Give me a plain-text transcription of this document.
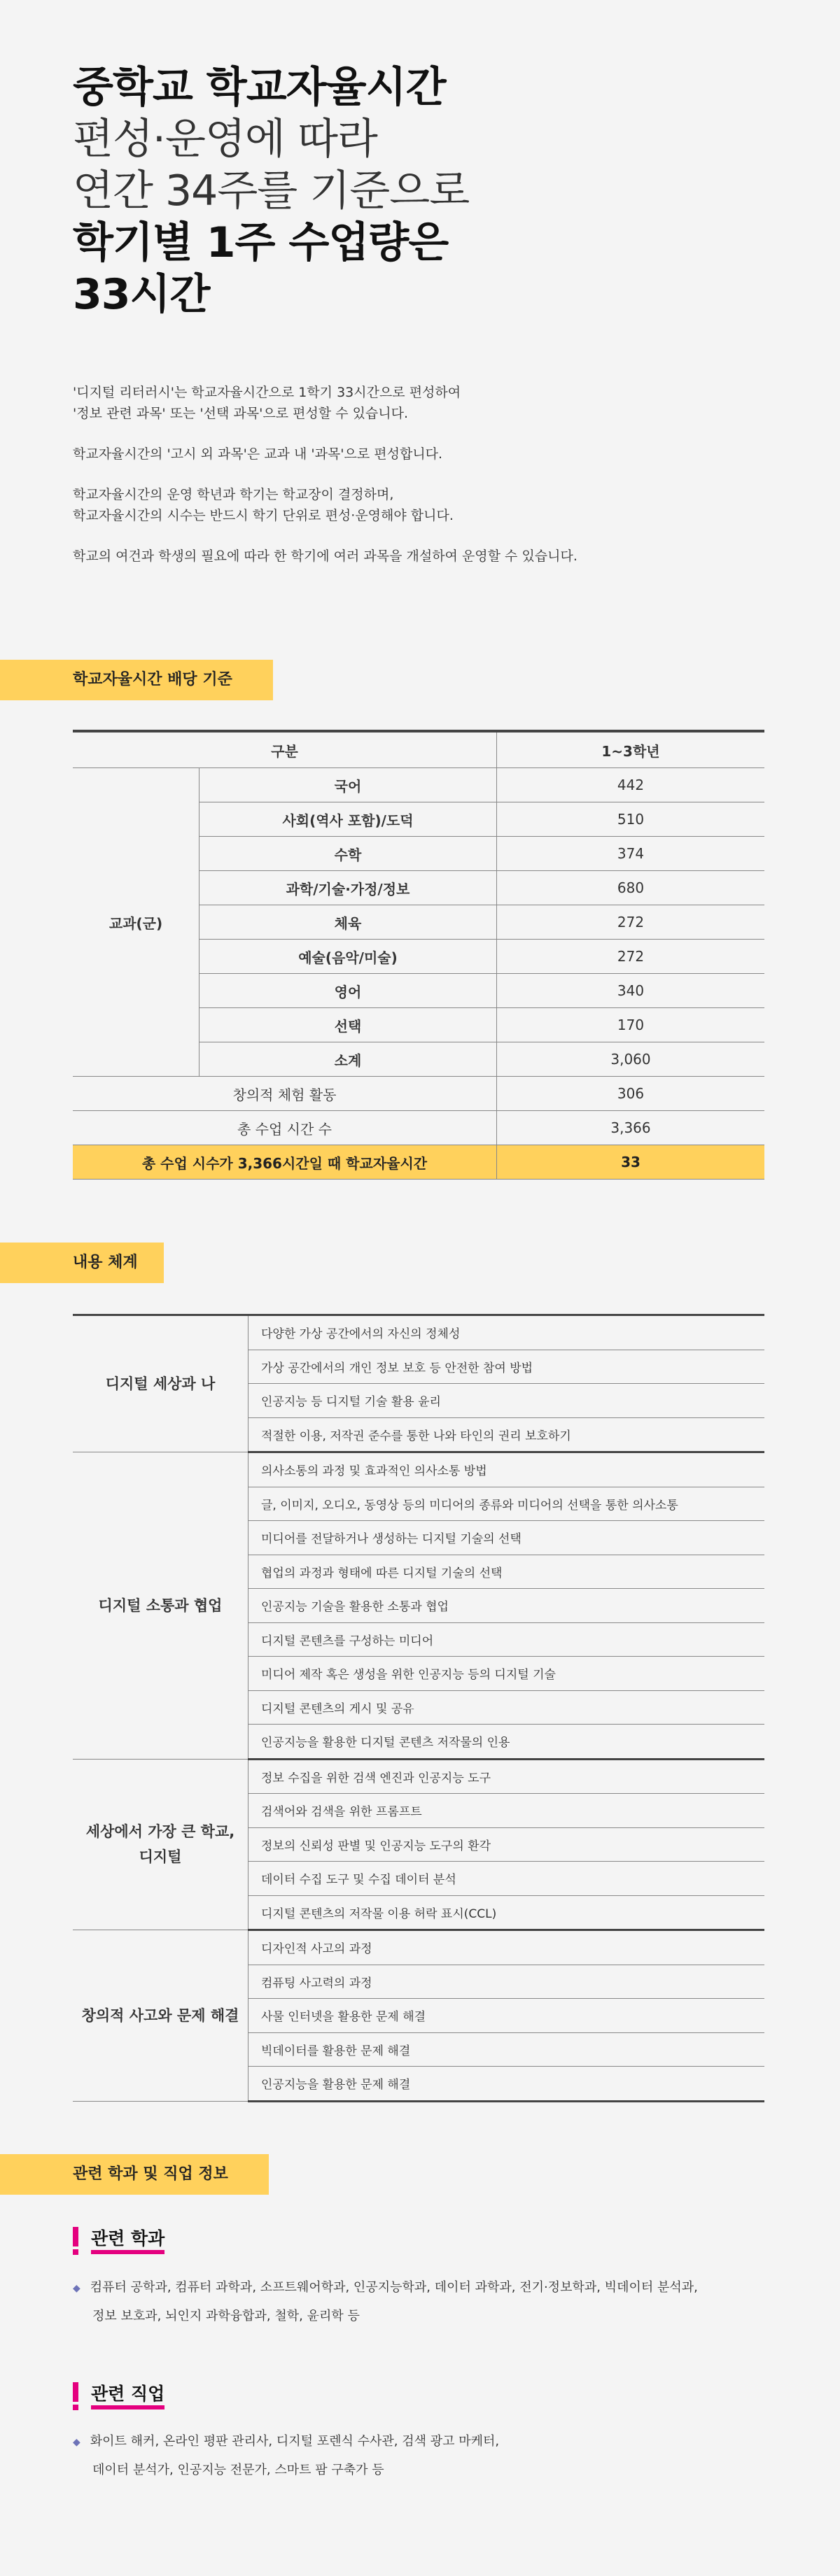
중학교 학교자율시간
편성·운영에 따라
연간 34주를 기준으로
학기별 1주 수업량은
33시간

'디지털 리터러시'는 학교자율시간으로 1학기 33시간으로 편성하여
'정보 관련 과목' 또는 '선택 과목'으로 편성할 수 있습니다.

학교자율시간의 '고시 외 과목'은 교과 내 '과목'으로 편성합니다.

학교자율시간의 운영 학년과 학기는 학교장이 결정하며,
학교자율시간의 시수는 반드시 학기 단위로 편성·운영해야 합니다.

학교의 여건과 학생의 필요에 따라 한 학기에 여러 과목을 개설하여 운영할 수 있습니다.

학교자율시간 배당 기준
구분		1~3학년
교과(군)	국어	442
	사회(역사 포함)/도덕	510
	수학	374
	과학/기술·가정/정보	680
	체육	272
	예술(음악/미술)	272
	영어	340
	선택	170
	소계	3,060
창의적 체험 활동		306
총 수업 시간 수		3,366
총 수업 시수가 3,366시간일 때 학교자율시간		33
내용 체계
디지털 세상과 나	다양한 가상 공간에서의 자신의 정체성
	가상 공간에서의 개인 정보 보호 등 안전한 참여 방법
	인공지능 등 디지털 기술 활용 윤리
	적절한 이용, 저작권 준수를 통한 나와 타인의 권리 보호하기
디지털 소통과 협업	의사소통의 과정 및 효과적인 의사소통 방법
	글, 이미지, 오디오, 동영상 등의 미디어의 종류와 미디어의 선택을 통한 의사소통
	미디어를 전달하거나 생성하는 디지털 기술의 선택
	협업의 과정과 형태에 따른 디지털 기술의 선택
	인공지능 기술을 활용한 소통과 협업
	디지털 콘텐츠를 구성하는 미디어
	미디어 제작 혹은 생성을 위한 인공지능 등의 디지털 기술
	디지털 콘텐츠의 게시 및 공유
	인공지능을 활용한 디지털 콘텐츠 저작물의 인용
세상에서 가장 큰 학교,
디지털	정보 수집을 위한 검색 엔진과 인공지능 도구
	검색어와 검색을 위한 프롬프트
	정보의 신뢰성 판별 및 인공지능 도구의 환각
	데이터 수집 도구 및 수집 데이터 분석
	디지털 콘텐츠의 저작물 이용 허락 표시(CCL)
창의적 사고와 문제 해결	디자인적 사고의 과정
	컴퓨팅 사고력의 과정
	사물 인터넷을 활용한 문제 해결
	빅데이터를 활용한 문제 해결
	인공지능을 활용한 문제 해결
관련 학과 및 직업 정보
관련 학과
◆ 컴퓨터 공학과, 컴퓨터 과학과, 소프트웨어학과, 인공지능학과, 데이터 과학과, 전기·정보학과, 빅데이터 분석과,
정보 보호과, 뇌인지 과학융합과, 철학, 윤리학 등
관련 직업
◆ 화이트 해커, 온라인 평판 관리사, 디지털 포렌식 수사관, 검색 광고 마케터,
데이터 분석가, 인공지능 전문가, 스마트 팜 구축가 등
